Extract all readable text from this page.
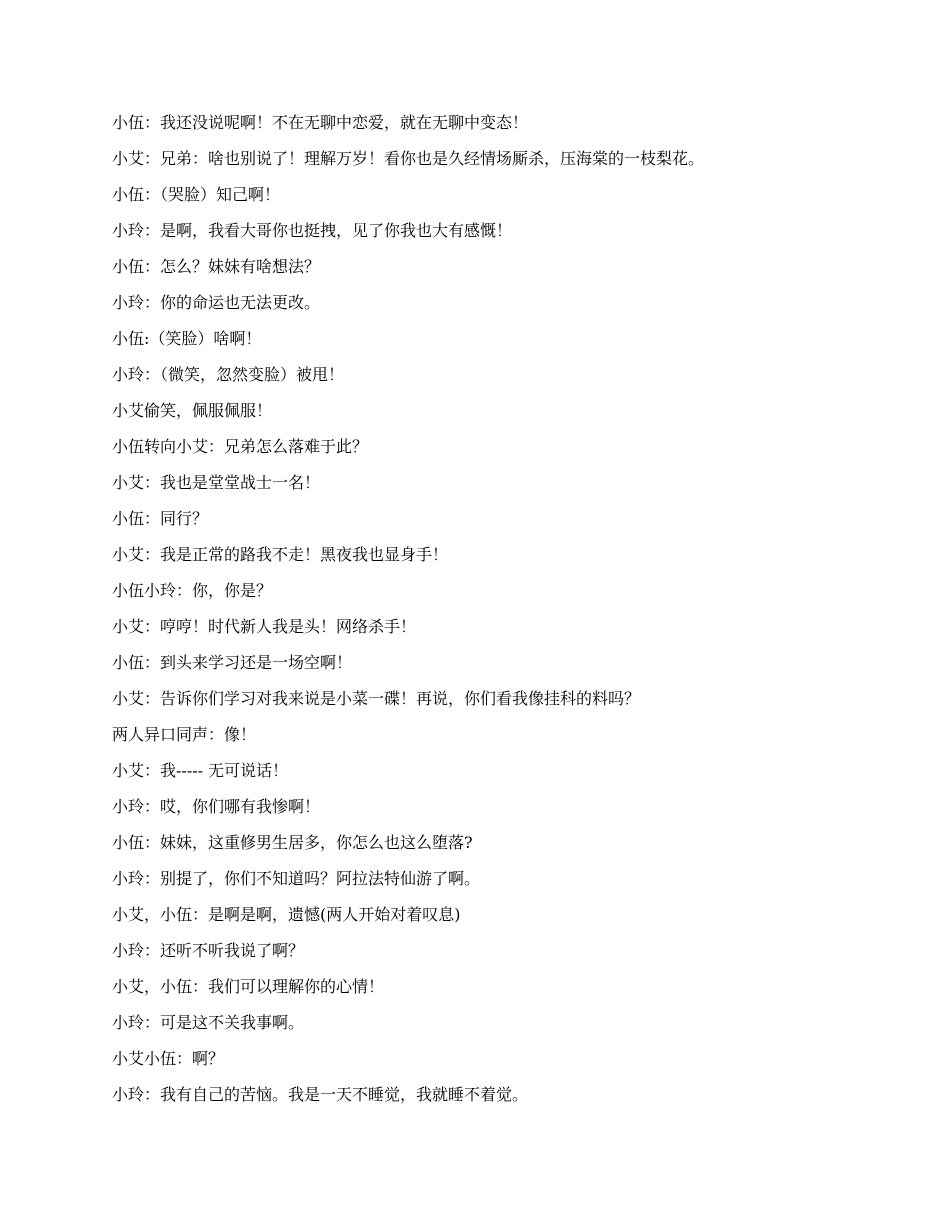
小伍：我还没说呢啊！不在无聊中恋爱，就在无聊中变态！
小艾：兄弟：啥也别说了！理解万岁！看你也是久经情场厮杀，压海棠的一枝梨花。
小伍：（哭脸）知己啊！
小玲：是啊，我看大哥你也挺拽，见了你我也大有感慨！
小伍：怎么？妹妹有啥想法？
小玲：你的命运也无法更改。
小伍:（笑脸）啥啊！
小玲：（微笑，忽然变脸）被甩！
小艾偷笑，佩服佩服！
小伍转向小艾：兄弟怎么落难于此？
小艾：我也是堂堂战士一名！
小伍：同行？
小艾：我是正常的路我不走！黑夜我也显身手！
小伍小玲：你，你是？
小艾：哼哼！时代新人我是头！网络杀手！
小伍：到头来学习还是一场空啊！
小艾：告诉你们学习对我来说是小菜一碟！再说，你们看我像挂科的料吗？
两人异口同声：像！
小艾：我----- 无可说话！
小玲：哎，你们哪有我惨啊！
小伍：妹妹，这重修男生居多，你怎么也这么堕落?
小玲：别提了，你们不知道吗？阿拉法特仙游了啊。
小艾，小伍：是啊是啊，遗憾(两人开始对着叹息)
小玲：还听不听我说了啊？
小艾，小伍：我们可以理解你的心情！
小玲：可是这不关我事啊。
小艾小伍：啊？
小玲：我有自己的苦恼。我是一天不睡觉，我就睡不着觉。
